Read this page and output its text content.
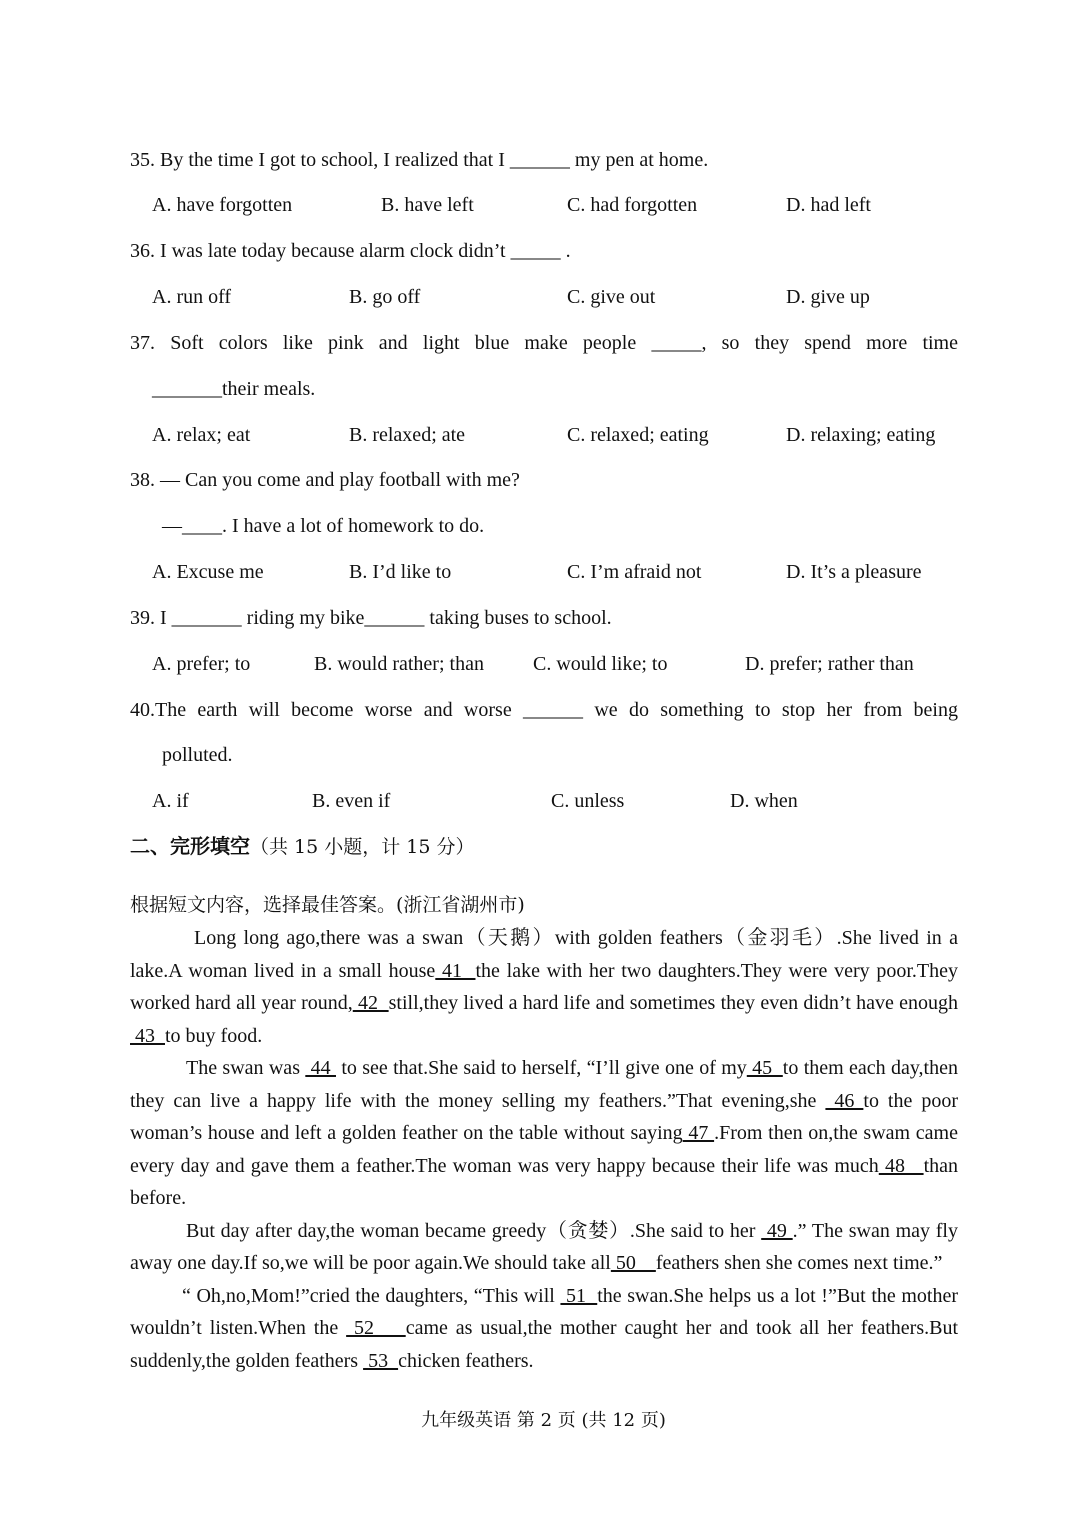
35. By the time I got to school, I realized that I ______ my pen at home.
A. have forgotten	B. have left	C. had forgotten	D. had left
36. I was late today because alarm clock didn’t _____ .
A. run off	B. go off	C. give out	D. give up
37. Soft colors like pink and light blue make people _____, so they spend more time
_______their meals.
A. relax; eat	B. relaxed; ate	C. relaxed; eating	D. relaxing; eating
38. — Can you come and play football with me?
—____. I have a lot of homework to do.
A. Excuse me	B. I’d like to	C. I’m afraid not	D. It’s a pleasure
39. I _______ riding my bike______ taking buses to school.
A. prefer; to	B. would rather; than C. would like; to	D. prefer; rather than
40.The earth will become worse and worse ______ we do something to stop her from being
polluted.
A. if	B. even if	C. unless	D. when
二、完形填空（共 15 小题，计 15 分）
根据短文内容，选择最佳答案。(浙江省湖州市)

Long long ago,there was a swan（天鹅）with golden feathers（金羽毛）.She lived in a lake.A woman lived in a small house 41  the lake with her two daughters.They were very poor.They worked hard all year round, 42  still,they lived a hard life and sometimes they even didn’t have enough 43  to buy food.

The swan was  44  to see that.She said to herself, “I’ll give one of my 45  to them each day,then they can live a happy life with the money selling my feathers.”That evening,she  46 to the poor woman’s house and left a golden feather on the table without saying 47 .From then on,the swam came every day and gave them a feather.The woman was very happy because their life was much 48   than before.

But day after day,the woman became greedy（贪婪）.She said to her  49 .” The swan may fly away one day.If so,we will be poor again.We should take all 50    feathers shen she comes next time.”

“ Oh,no,Mom!”cried the daughters, “This will  51  the swan.She helps us a lot !”But the mother wouldn’t listen.When the  52    came as usual,the mother caught her and took all her feathers.But suddenly,the golden feathers  53  chicken feathers.

九年级英语 第 2 页 (共 12 页)
